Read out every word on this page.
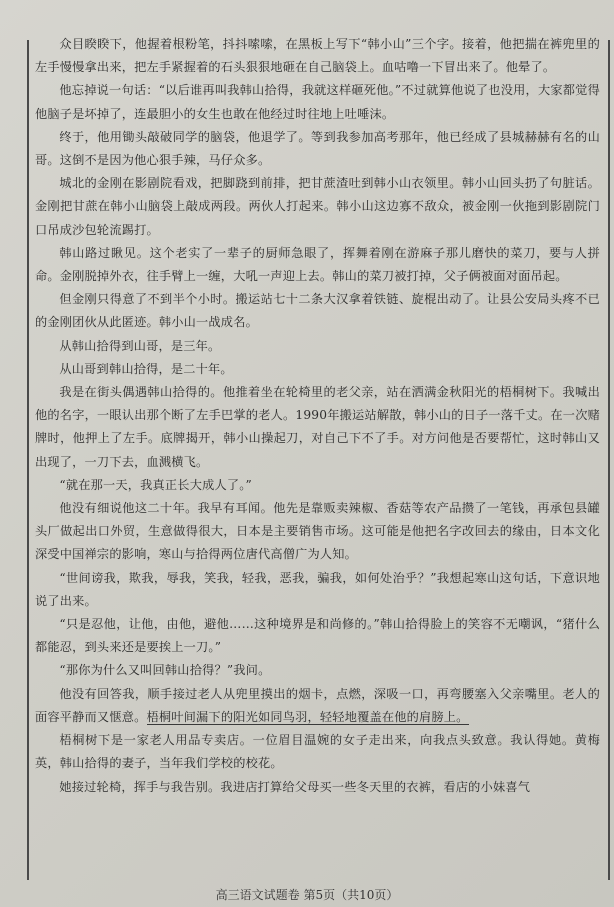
众目睽睽下，他握着根粉笔，抖抖嗦嗦，在黑板上写下“韩小山”三个字。接着，他把揣在裤兜里的左手慢慢拿出来，把左手紧握着的石头狠狠地砸在自己脑袋上。血咕噜一下冒出来了。他晕了。

他忘掉说一句话：“以后谁再叫我韩山拾得，我就这样砸死他。”不过就算他说了也没用，大家都觉得他脑子是坏掉了，连最胆小的女生也敢在他经过时往地上吐唾沫。

终于，他用锄头敲破同学的脑袋，他退学了。等到我参加高考那年，他已经成了县城赫赫有名的山哥。这倒不是因为他心狠手辣，马仔众多。

城北的金刚在影剧院看戏，把脚跷到前排，把甘蔗渣吐到韩小山衣领里。韩小山回头扔了句脏话。金刚把甘蔗在韩小山脑袋上敲成两段。两伙人打起来。韩小山这边寡不敌众，被金刚一伙拖到影剧院门口吊成沙包轮流踢打。

韩山路过瞅见。这个老实了一辈子的厨师急眼了，挥舞着刚在游麻子那儿磨快的菜刀，要与人拼命。金刚脱掉外衣，往手臂上一缠，大吼一声迎上去。韩山的菜刀被打掉，父子俩被面对面吊起。

但金刚只得意了不到半个小时。搬运站七十二条大汉拿着铁链、旋棍出动了。让县公安局头疼不已的金刚团伙从此匿迹。韩小山一战成名。

从韩山拾得到山哥，是三年。

从山哥到韩山拾得，是二十年。

我是在街头偶遇韩山拾得的。他推着坐在轮椅里的老父亲，站在洒满金秋阳光的梧桐树下。我喊出他的名字，一眼认出那个断了左手巴掌的老人。1990年搬运站解散，韩小山的日子一落千丈。在一次赌牌时，他押上了左手。底牌揭开，韩小山操起刀，对自己下不了手。对方问他是否要帮忙，这时韩山又出现了，一刀下去，血溅横飞。

“就在那一天，我真正长大成人了。”

他没有细说他这二十年。我早有耳闻。他先是靠贩卖辣椒、香菇等农产品攒了一笔钱，再承包县罐头厂做起出口外贸，生意做得很大，日本是主要销售市场。这可能是他把名字改回去的缘由，日本文化深受中国禅宗的影响，寒山与拾得两位唐代高僧广为人知。

“世间谤我，欺我，辱我，笑我，轻我，恶我，骗我，如何处治乎？”我想起寒山这句话，下意识地说了出来。

“只是忍他，让他，由他，避他……这种境界是和尚修的。”韩山拾得脸上的笑容不无嘲讽，“猪什么都能忍，到头来还是要挨上一刀。”

“那你为什么又叫回韩山拾得？”我问。

他没有回答我，顺手接过老人从兜里摸出的烟卡，点燃，深吸一口，再弯腰塞入父亲嘴里。老人的面容平静而又惬意。梧桐叶间漏下的阳光如同鸟羽，轻轻地覆盖在他的肩膀上。

梧桐树下是一家老人用品专卖店。一位眉目温婉的女子走出来，向我点头致意。我认得她。黄梅英，韩山拾得的妻子，当年我们学校的校花。

她接过轮椅，挥手与我告别。我进店打算给父母买一些冬天里的衣裤，看店的小妹喜气

高三语文试题卷 第5页（共10页）
